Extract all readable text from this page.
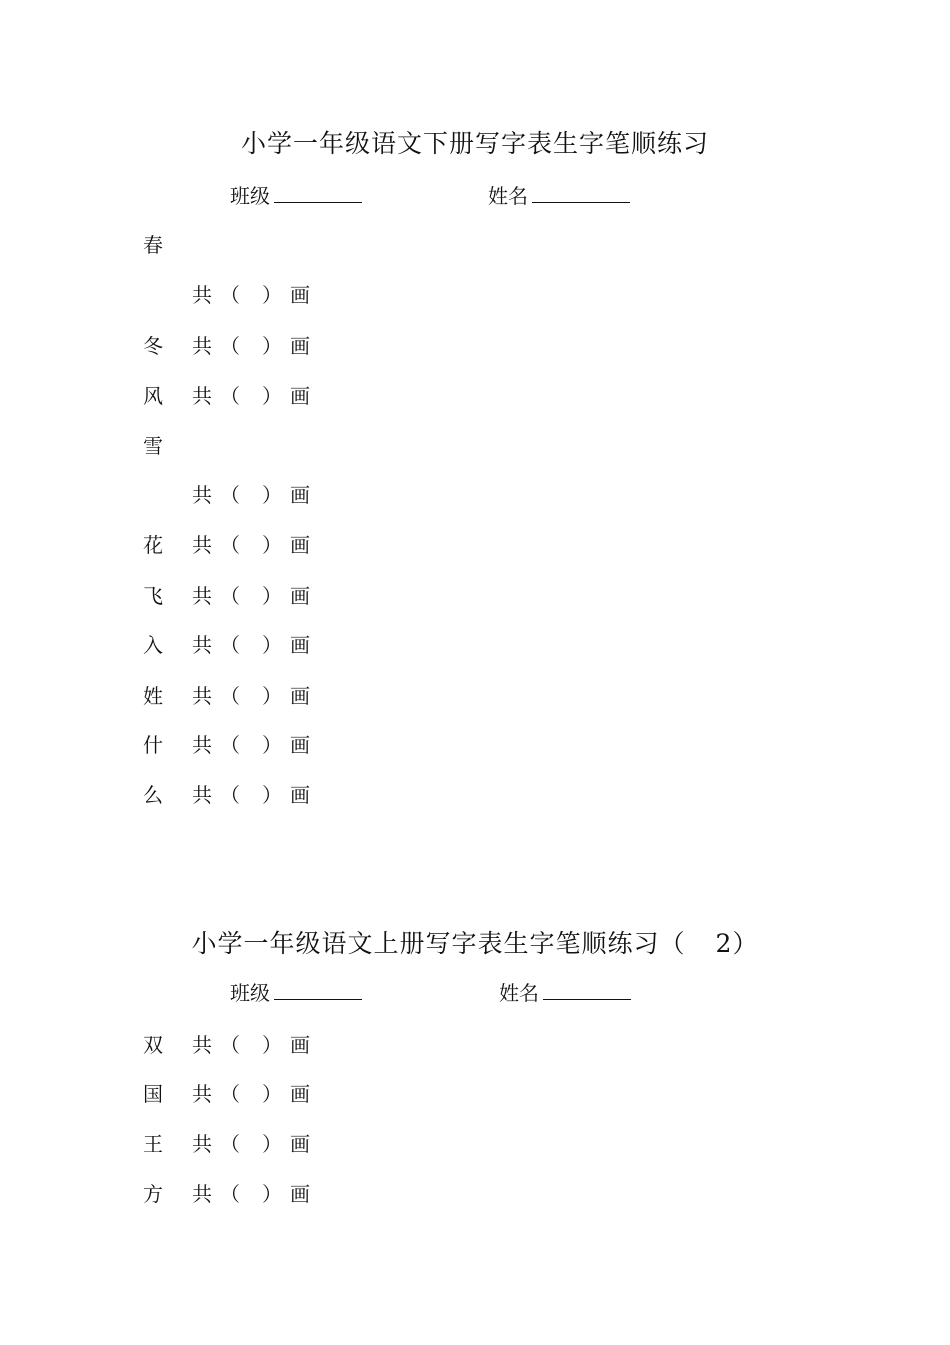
小学一年级语文下册写字表生字笔顺练习
班级	姓名
春
共 （ ） 画
冬 共 （ ） 画
风 共 （ ） 画
雪
共 （ ） 画
花 共 （ ） 画
飞 共 （ ） 画
入 共 （ ） 画
姓 共 （ ） 画
什 共 （ ） 画
么 共 （ ） 画
小学一年级语文上册写字表生字笔顺练习（ 2）
班级	姓名
双 共 （ ） 画
国 共 （ ） 画
王 共 （ ） 画
方 共 （ ） 画
